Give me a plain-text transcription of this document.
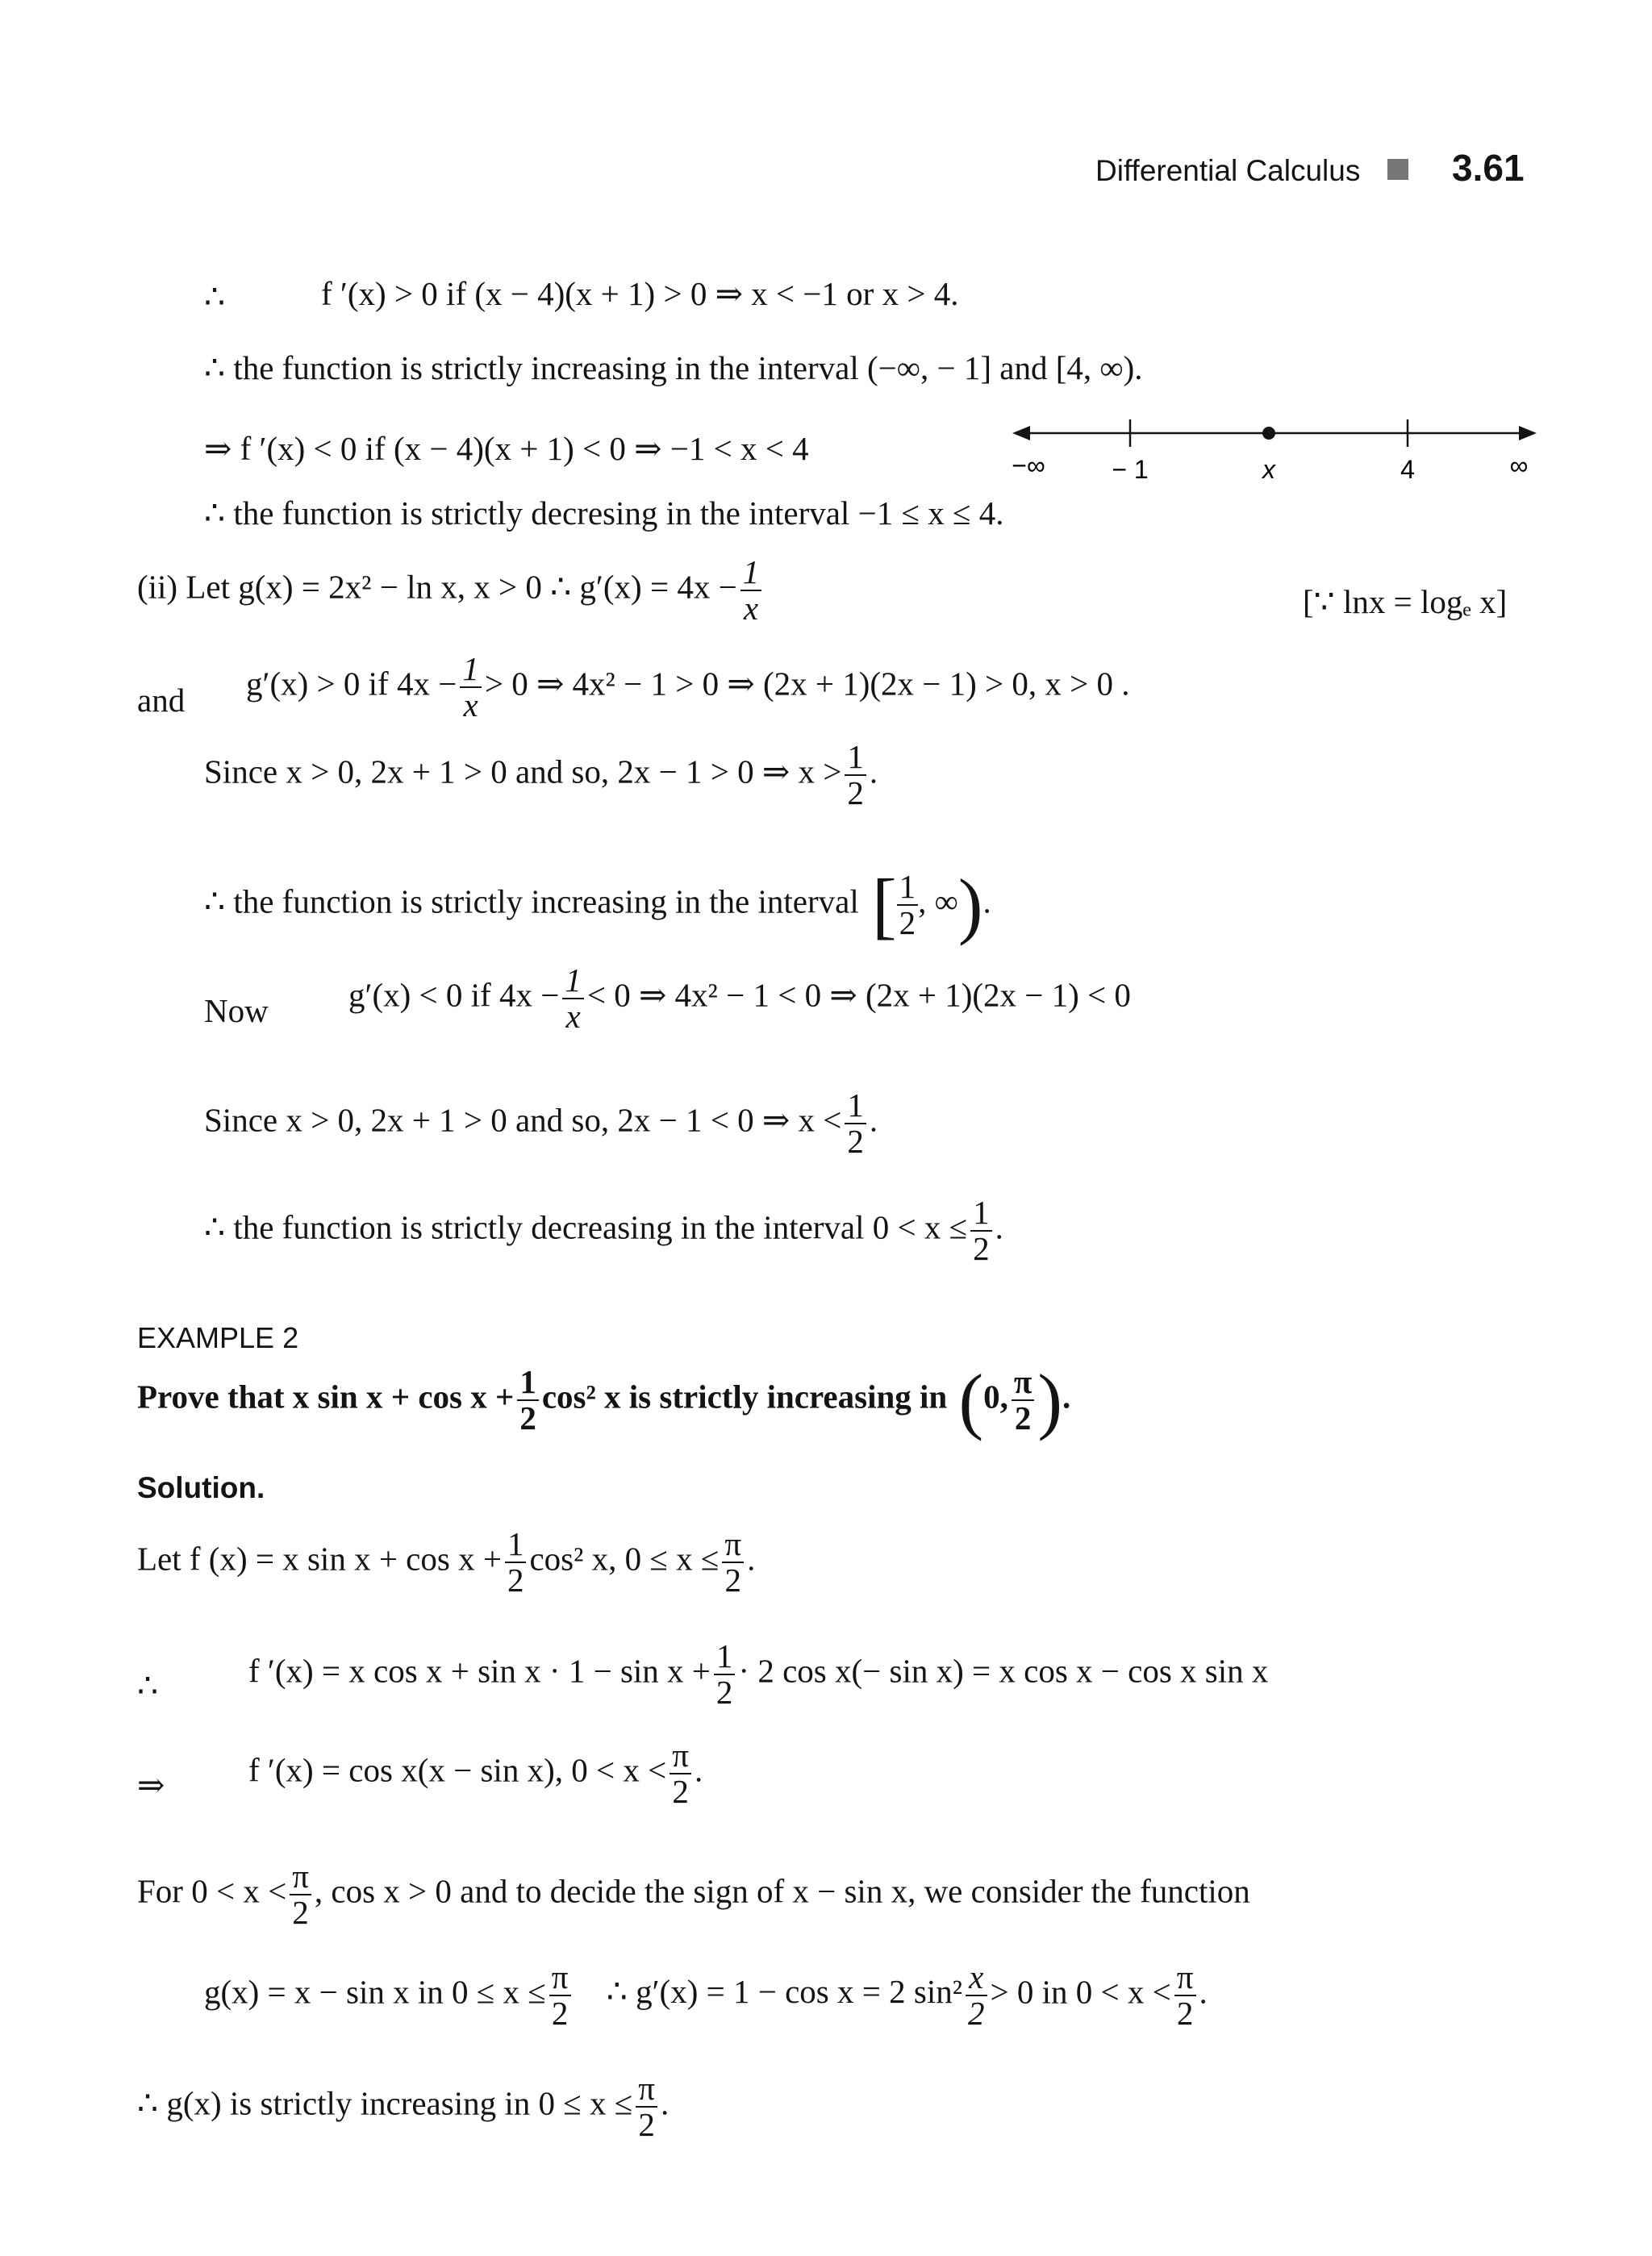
Differential Calculus 3.61
∴	f ′(x) > 0 if (x − 4)(x + 1) > 0 ⇒ x < −1 or x > 4.
∴ the function is strictly increasing in the interval (−∞, − 1] and [4, ∞).
⇒ f ′(x) < 0 if (x − 4)(x + 1) < 0 ⇒ −1 < x < 4	−∞	− 1	x	4	∞
∴ the function is strictly decresing in the interval −1 ≤ x ≤ 4.
(ii) Let g(x) = 2x² − ln x, x > 0 ∴ $g'(x) = 4x - \frac{1}{x}$	[∵ lnx = logₑ x]
and g′(x) > 0 if $4x - \frac{1}{x} > 0$ ⇒ 4x² − 1 > 0 ⇒ (2x + 1)(2x − 1) > 0, x > 0 .
Since x > 0, 2x + 1 > 0 and so, 2x − 1 > 0 ⇒ $x > \frac{1}{2}$ .
∴ the function is strictly increasing in the interval [ $\frac{1}{2}$ , ∞).
Now g′(x) < 0 if $4x - \frac{1}{x} < 0$ ⇒ 4x² − 1 < 0 ⇒ (2x + 1)(2x − 1) < 0
Since x > 0, 2x + 1 > 0 and so, 2x − 1 < 0 ⇒ $x < \frac{1}{2}$ .
∴ the function is strictly decreasing in the interval $0 < x \le \frac{1}{2}$ .
EXAMPLE 2
Prove that x $\sin x + \cos x + \frac{1}{2} \cos^2$ x is strictly increasing in (0, $\frac{\pi}{2}$ ).
Solution.
Let f (x) = x $\sin x + \cos x + \frac{1}{2} \cos^2$ x, $0 \le x \le \frac{\pi}{2}$ .
∴	f ′(x) = x $\cos x + \sin x \cdot 1 - \sin x + \frac{1}{2} \cdot 2$ cos x(− sin x) = x cos x − cos x sin x
⇒	f ′(x) = cos x(x − sin x), $0 < x < \frac{\pi}{2}$ .
For $0 < x < \frac{\pi}{2}$ , cos x > 0 and to decide the sign of x − sin x, we consider the function
g(x) = x − sin x in $0 \le x \le \frac{\pi}{2}$ ∴ g′(x) = 1 − cos x = 2 $\sin^2 \frac{x}{2} > 0$ in $0 < x < \frac{\pi}{2}$ .
∴ g(x) is strictly increasing in $0 \le x \le \frac{\pi}{2}$ .
